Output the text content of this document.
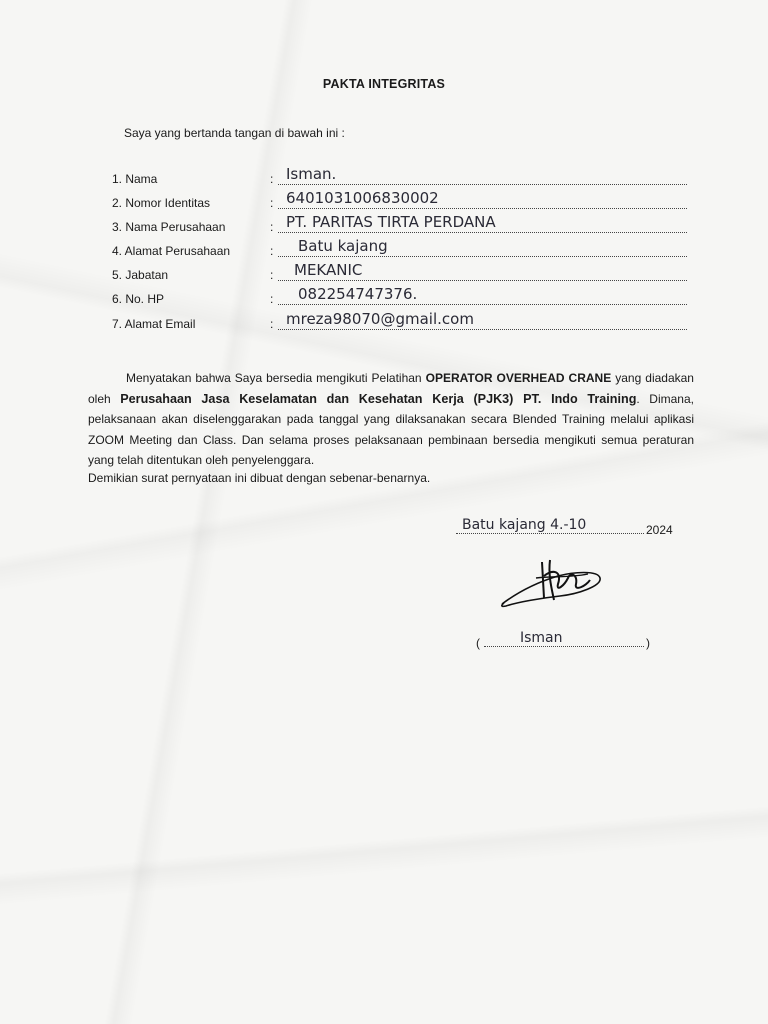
PAKTA INTEGRITAS
Saya yang bertanda tangan di bawah ini :
1. Nama	: Isman.
2. Nomor Identitas	: 6401031006830002
3. Nama Perusahaan	: PT. PARITAS TIRTA PERDANA
4. Alamat Perusahaan	: Batu kajang
5. Jabatan	: MEKANIC
6. No. HP	: 082254747376.
7. Alamat Email	: mreza98070@gmail.com
Menyatakan bahwa Saya bersedia mengikuti Pelatihan OPERATOR OVERHEAD CRANE yang diadakan oleh Perusahaan Jasa Keselamatan dan Kesehatan Kerja (PJK3) PT. Indo Training. Dimana, pelaksanaan akan diselenggarakan pada tanggal yang dilaksanakan secara Blended Training melalui aplikasi ZOOM Meeting dan Class. Dan selama proses pelaksanaan pembinaan bersedia mengikuti semua peraturan yang telah ditentukan oleh penyelenggara.
Demikian surat pernyataan ini dibuat dengan sebenar-benarnya.
Batu kajang 4.-10	2024
(	Isman	)
